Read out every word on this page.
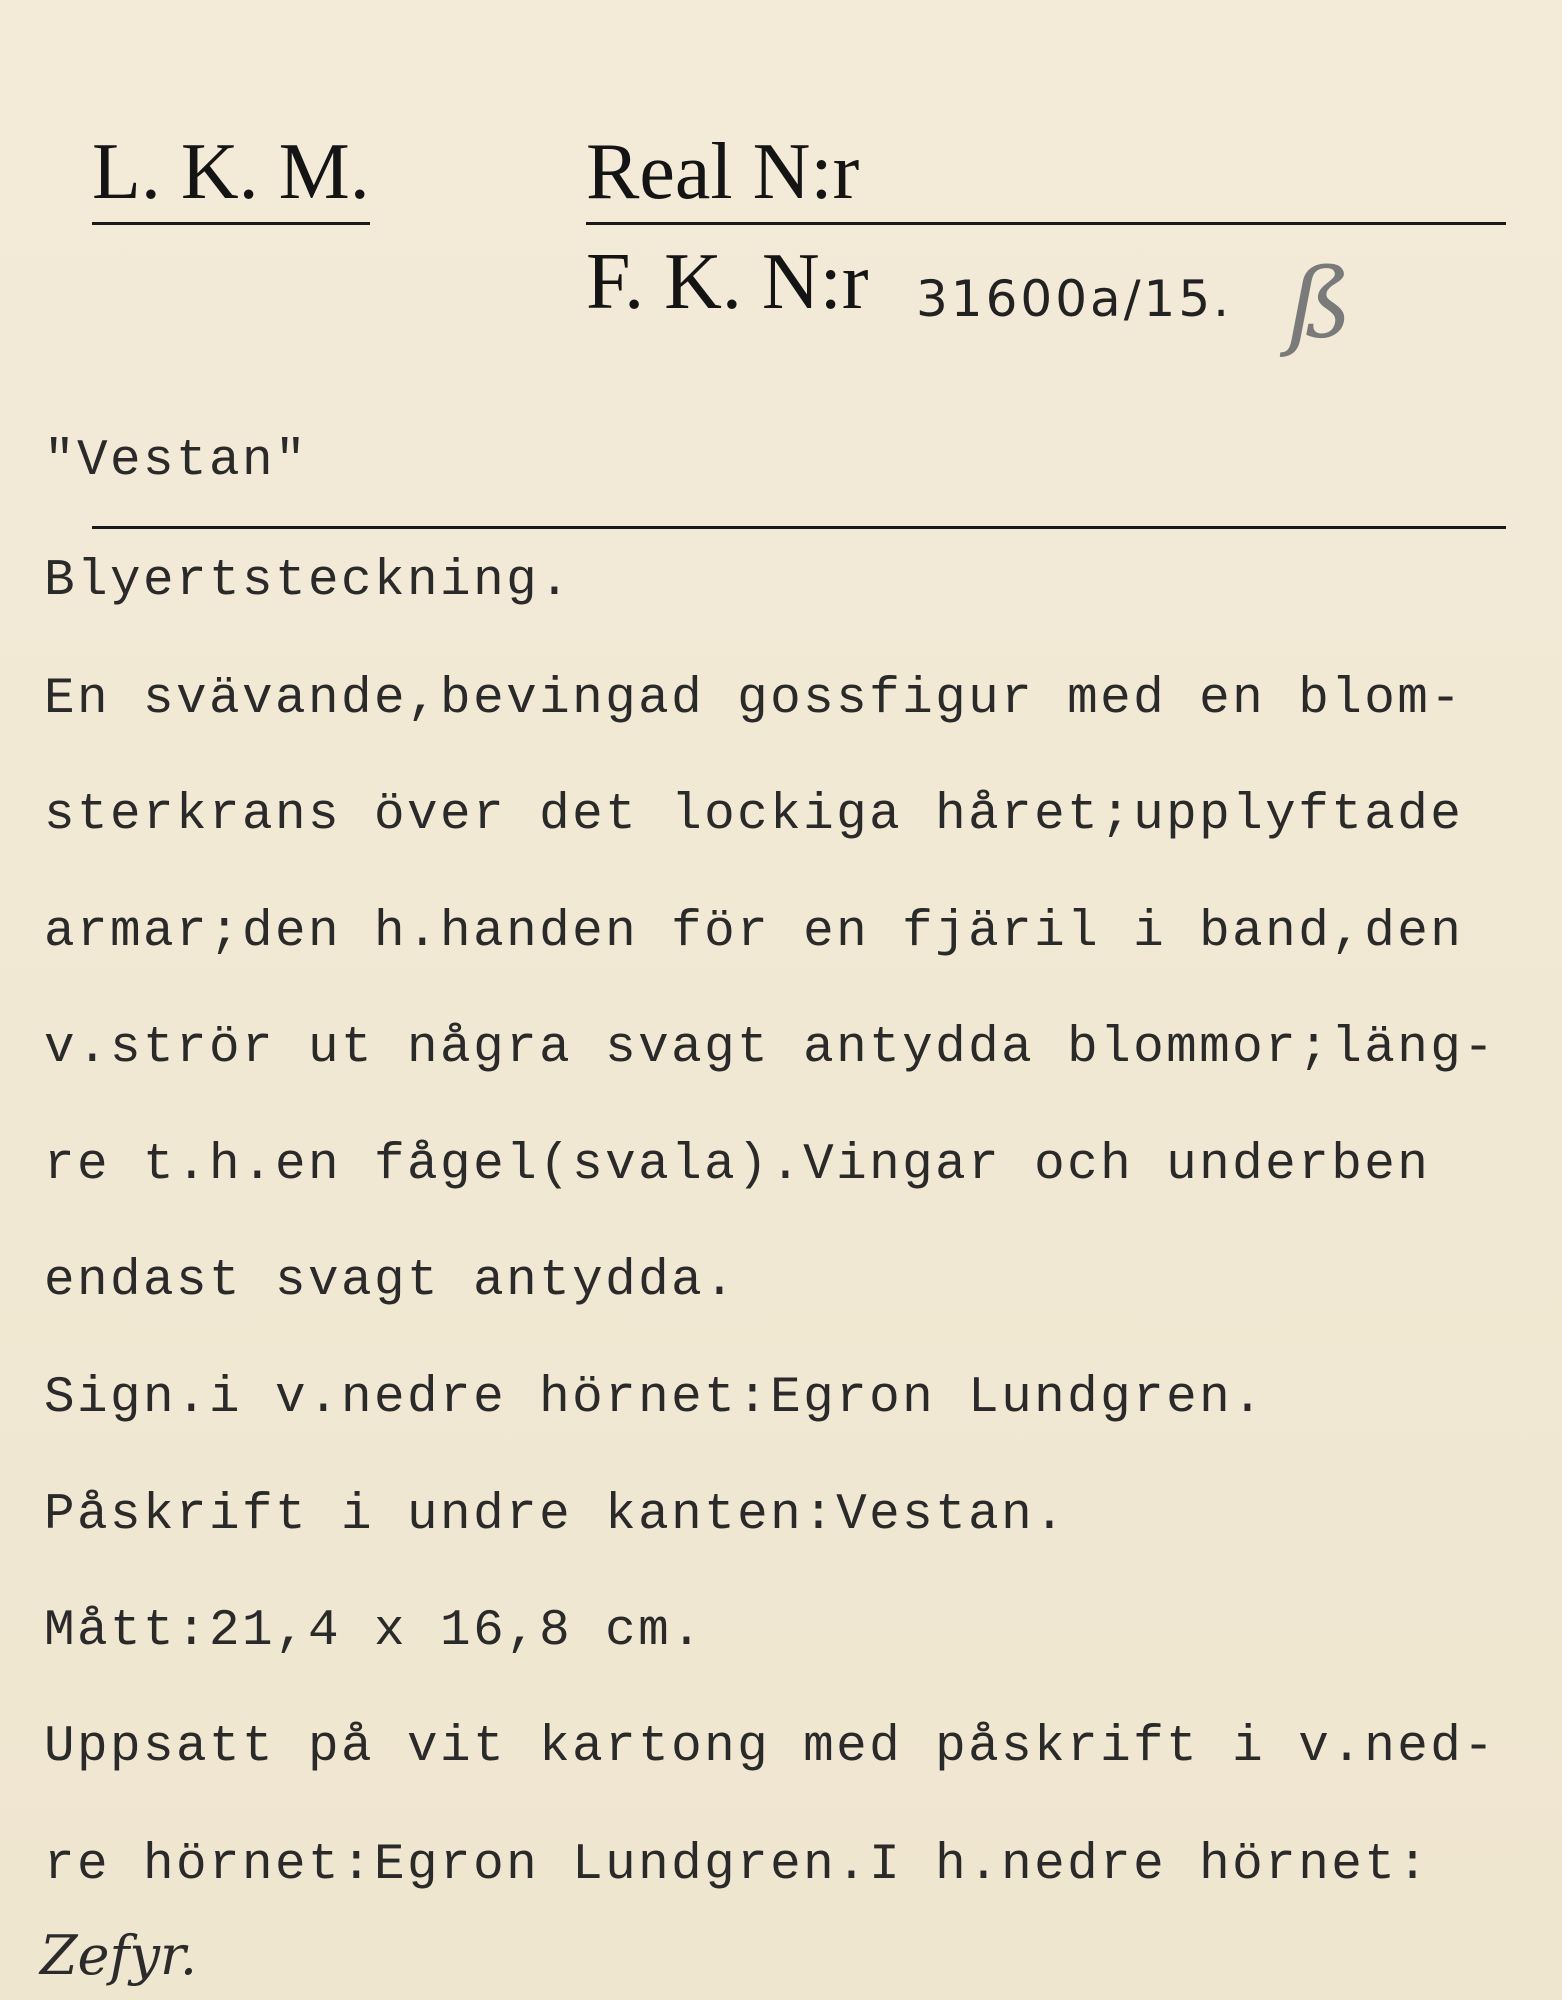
L. K. M.	Real N:r
F. K. N:r 31600a/15. ß
"Vestan"
Blyertsteckning.
En svävande,bevingad gossfigur med en blom-
sterkrans över det lockiga håret;upplyftade
armar;den h.handen för en fjäril i band,den
v.strör ut några svagt antydda blommor;läng-
re t.h.en fågel(svala).Vingar och underben
endast svagt antydda.
Sign.i v.nedre hörnet:Egron Lundgren.
Påskrift i undre kanten:Vestan.
Mått:21,4 x 16,8 cm.
Uppsatt på vit kartong med påskrift i v.ned-
re hörnet:Egron Lundgren.I h.nedre hörnet:
Zefyr.
